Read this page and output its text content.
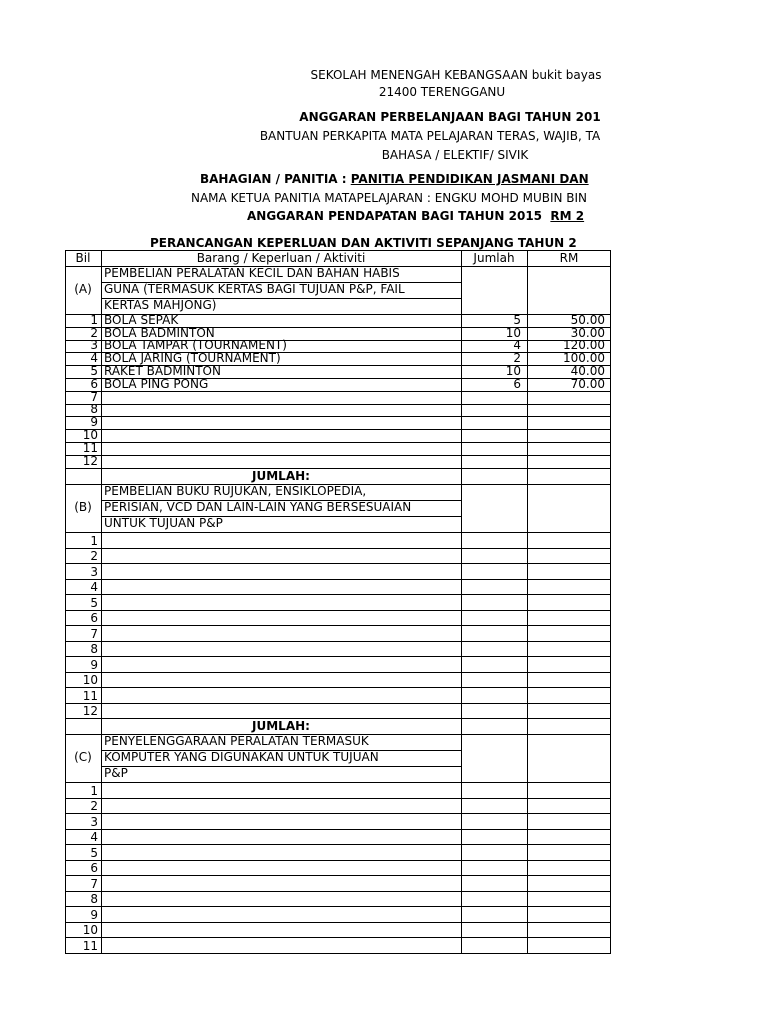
SEKOLAH MENENGAH KEBANGSAAN bukit bayas
21400 TERENGGANU
ANGGARAN PERBELANJAAN BAGI TAHUN 201
BANTUAN PERKAPITA MATA PELAJARAN TERAS, WAJIB, TA
BAHASA / ELEKTIF/ SIVIK
BAHAGIAN / PANITIA : PANITIA PENDIDIKAN JASMANI DAN
NAMA KETUA PANITIA MATAPELAJARAN : ENGKU MOHD MUBIN BIN
ANGGARAN PENDAPATAN BAGI TAHUN 2015 RM 2
PERANCANGAN KEPERLUAN DAN AKTIVITI SEPANJANG TAHUN 2
Bil	Barang / Keperluan / Aktiviti	Jumlah	RM
(A)
PEMBELIAN PERALATAN KECIL DAN BAHAN HABIS
GUNA (TERMASUK KERTAS BAGI TUJUAN P&P, FAIL
KERTAS MAHJONG)
1 BOLA SEPAK	5	50.00
2 BOLA BADMINTON	10	30.00
3 BOLA TAMPAR (TOURNAMENT)	4	120.00
4 BOLA JARING (TOURNAMENT)	2	100.00
5 RAKET BADMINTON	10	40.00
6 BOLA PING PONG	6	70.00
7
8
9
10
11
12
JUMLAH:
(B)
PEMBELIAN BUKU RUJUKAN, ENSIKLOPEDIA,
PERISIAN, VCD DAN LAIN-LAIN YANG BERSESUAIAN
UNTUK TUJUAN P&P
1
2
3
4
5
6
7
8
9
10
11
12
JUMLAH:
(C)
PENYELENGGARAAN PERALATAN TERMASUK
KOMPUTER YANG DIGUNAKAN UNTUK TUJUAN
P&P
1
2
3
4
5
6
7
8
9
10
11
